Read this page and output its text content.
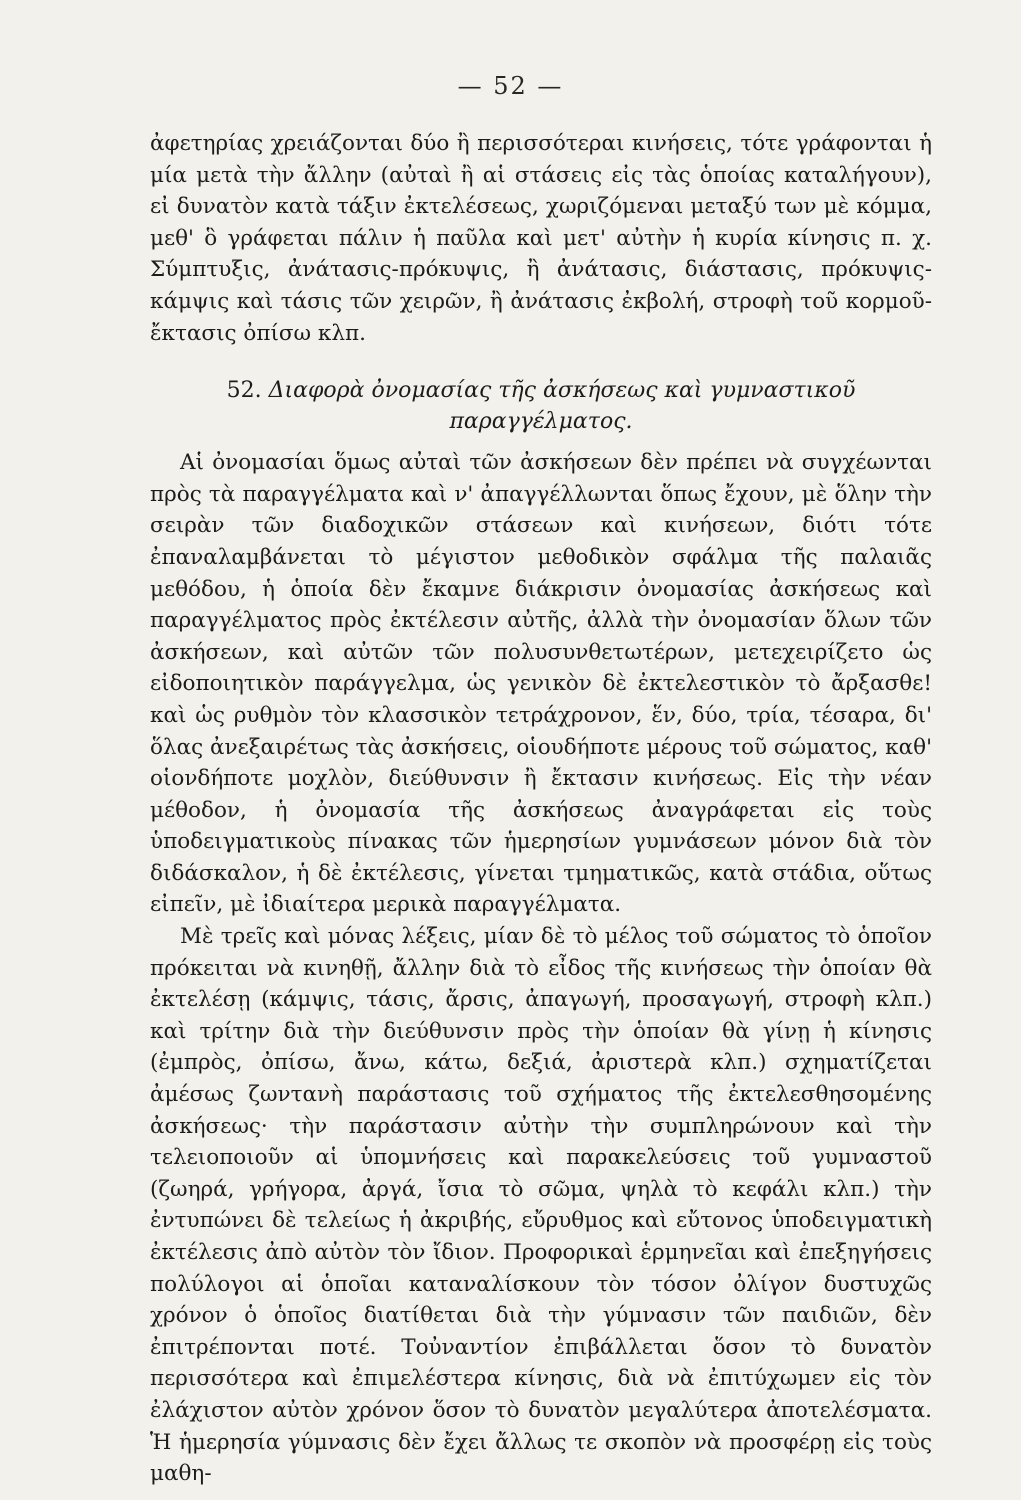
— 52 —

ἀφετηρίας χρειάζονται δύο ἢ περισσότεραι κινήσεις, τότε γράφονται ἡ μία μετὰ τὴν ἄλλην (αὐταὶ ἢ αἱ στάσεις εἰς τὰς ὁποίας καταλήγουν), εἰ δυνατὸν κατὰ τάξιν ἐκτελέσεως, χωριζόμεναι μεταξύ των μὲ κόμμα, μεθ' ὃ γράφεται πάλιν ἡ παῦλα καὶ μετ' αὐτὴν ἡ κυρία κίνησις π. χ. Σύμπτυξις, ἀνάτασις-πρόκυψις, ἢ ἀνάτασις, διάστασις, πρόκυψις-κάμψις καὶ τάσις τῶν χειρῶν, ἢ ἀνάτασις ἐκβολή, στροφὴ τοῦ κορμοῦ-ἔκτασις ὀπίσω κλπ.

52. Διαφορὰ ὀνομασίας τῆς ἀσκήσεως καὶ γυμναστικοῦ παραγγέλματος.

Αἱ ὀνομασίαι ὅμως αὐταὶ τῶν ἀσκήσεων δὲν πρέπει νὰ συγχέωνται πρὸς τὰ παραγγέλματα καὶ ν' ἀπαγγέλλωνται ὅπως ἔχουν, μὲ ὅλην τὴν σειρὰν τῶν διαδοχικῶν στάσεων καὶ κινήσεων, διότι τότε ἐπαναλαμβάνεται τὸ μέγιστον μεθοδικὸν σφάλμα τῆς παλαιᾶς μεθόδου, ἡ ὁποία δὲν ἔκαμνε διάκρισιν ὀνομασίας ἀσκήσεως καὶ παραγγέλματος πρὸς ἐκτέλεσιν αὐτῆς, ἀλλὰ τὴν ὀνομασίαν ὅλων τῶν ἀσκήσεων, καὶ αὐτῶν τῶν πολυσυνθετωτέρων, μετεχειρίζετο ὡς εἰδοποιητικὸν παράγγελμα, ὡς γενικὸν δὲ ἐκτελεστικὸν τὸ ἄρξασθε! καὶ ὡς ρυθμὸν τὸν κλασσικὸν τετράχρονον, ἕν, δύο, τρία, τέσαρα, δι' ὅλας ἀνεξαιρέτως τὰς ἀσκήσεις, οἱουδήποτε μέρους τοῦ σώματος, καθ' οἱονδήποτε μοχλὸν, διεύθυνσιν ἢ ἔκτασιν κινήσεως. Εἰς τὴν νέαν μέθοδον, ἡ ὀνομασία τῆς ἀσκήσεως ἀναγράφεται εἰς τοὺς ὑποδειγματικοὺς πίνακας τῶν ἡμερησίων γυμνάσεων μόνον διὰ τὸν διδάσκαλον, ἡ δὲ ἐκτέλεσις, γίνεται τμηματικῶς, κατὰ στάδια, οὕτως εἰπεῖν, μὲ ἰδιαίτερα μερικὰ παραγγέλματα.

Μὲ τρεῖς καὶ μόνας λέξεις, μίαν δὲ τὸ μέλος τοῦ σώματος τὸ ὁποῖον πρόκειται νὰ κινηθῇ, ἄλλην διὰ τὸ εἶδος τῆς κινήσεως τὴν ὁποίαν θὰ ἐκτελέσῃ (κάμψις, τάσις, ἄρσις, ἀπαγωγή, προσαγωγή, στροφὴ κλπ.) καὶ τρίτην διὰ τὴν διεύθυνσιν πρὸς τὴν ὁποίαν θὰ γίνῃ ἡ κίνησις (ἐμπρὸς, ὀπίσω, ἄνω, κάτω, δεξιά, ἀριστερὰ κλπ.) σχηματίζεται ἀμέσως ζωντανὴ παράστασις τοῦ σχήματος τῆς ἐκτελεσθησομένης ἀσκήσεως· τὴν παράστασιν αὐτὴν τὴν συμπληρώνουν καὶ τὴν τελειοποιοῦν αἱ ὑπομνήσεις καὶ παρακελεύσεις τοῦ γυμναστοῦ (ζωηρά, γρήγορα, ἀργά, ἴσια τὸ σῶμα, ψηλὰ τὸ κεφάλι κλπ.) τὴν ἐντυπώνει δὲ τελείως ἡ ἀκριβής, εὔρυθμος καὶ εὔτονος ὑποδειγματικὴ ἐκτέλεσις ἀπὸ αὐτὸν τὸν ἴδιον. Προφορικαὶ ἑρμηνεῖαι καὶ ἐπεξηγήσεις πολύλογοι αἱ ὁποῖαι καταναλίσκουν τὸν τόσον ὀλίγον δυστυχῶς χρόνον ὁ ὁποῖος διατίθεται διὰ τὴν γύμνασιν τῶν παιδιῶν, δὲν ἐπιτρέπονται ποτέ. Τοὐναντίον ἐπιβάλλεται ὅσον τὸ δυνατὸν περισσότερα καὶ ἐπιμελέστερα κίνησις, διὰ νὰ ἐπιτύχωμεν εἰς τὸν ἐλάχιστον αὐτὸν χρόνον ὅσον τὸ δυνατὸν μεγαλύτερα ἀποτελέσματα. Ἡ ἡμερησία γύμνασις δὲν ἔχει ἄλλως τε σκοπὸν νὰ προσφέρῃ εἰς τοὺς μαθη-
